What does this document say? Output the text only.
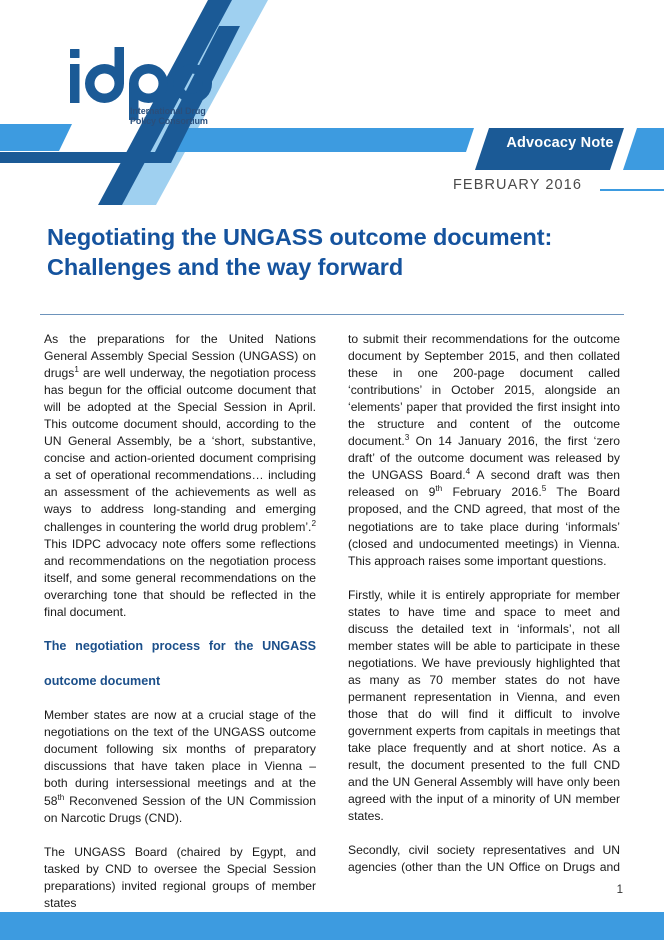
International Drug
Policy Consortium
Advocacy Note
FEBRUARY 2016
Negotiating the UNGASS outcome document:
Challenges and the way forward

As the preparations for the United Nations General Assembly Special Session (UNGASS) on drugs$^1$ are well underway, the negotiation process has begun for the official outcome document that will be adopted at the Special Session in April. This outcome document should, according to the UN General Assembly, be a ‘short, substantive, concise and action-oriented document comprising a set of operational recommendations… including an assessment of the achievements as well as ways to address long-standing and emerging challenges in countering the world drug problem’.$^2$ This IDPC advocacy note offers some reflections and recommendations on the negotiation process itself, and some general recommendations on the overarching tone that should be reflected in the final document.

The negotiation process for the UNGASS
outcome document

Member states are now at a crucial stage of the negotiations on the text of the UNGASS outcome document following six months of preparatory discussions that have taken place in Vienna – both during intersessional meetings and at the 58th Reconvened Session of the UN Commission on Narcotic Drugs (CND).

The UNGASS Board (chaired by Egypt, and tasked by CND to oversee the Special Session preparations) invited regional groups of member states

to submit their recommendations for the outcome document by September 2015, and then collated these in one 200-page document called ‘contributions’ in October 2015, alongside an ‘elements’ paper that provided the first insight into the structure and content of the outcome document.$^3$ On 14 January 2016, the first ‘zero draft’ of the outcome document was released by the UNGASS Board.$^4$ A second draft was then released on 9th February 2016.$^5$ The Board proposed, and the CND agreed, that most of the negotiations are to take place during ‘informals’ (closed and undocumented meetings) in Vienna. This approach raises some important questions.

Firstly, while it is entirely appropriate for member states to have time and space to meet and discuss the detailed text in ‘informals’, not all member states will be able to participate in these negotiations. We have previously highlighted that as many as 70 member states do not have permanent representation in Vienna, and even those that do will find it difficult to involve government experts from capitals in meetings that take place frequently and at short notice. As a result, the document presented to the full CND and the UN General Assembly will have only been agreed with the input of a minority of UN member states.

Secondly, civil society representatives and UN agencies (other than the UN Office on Drugs and

1
